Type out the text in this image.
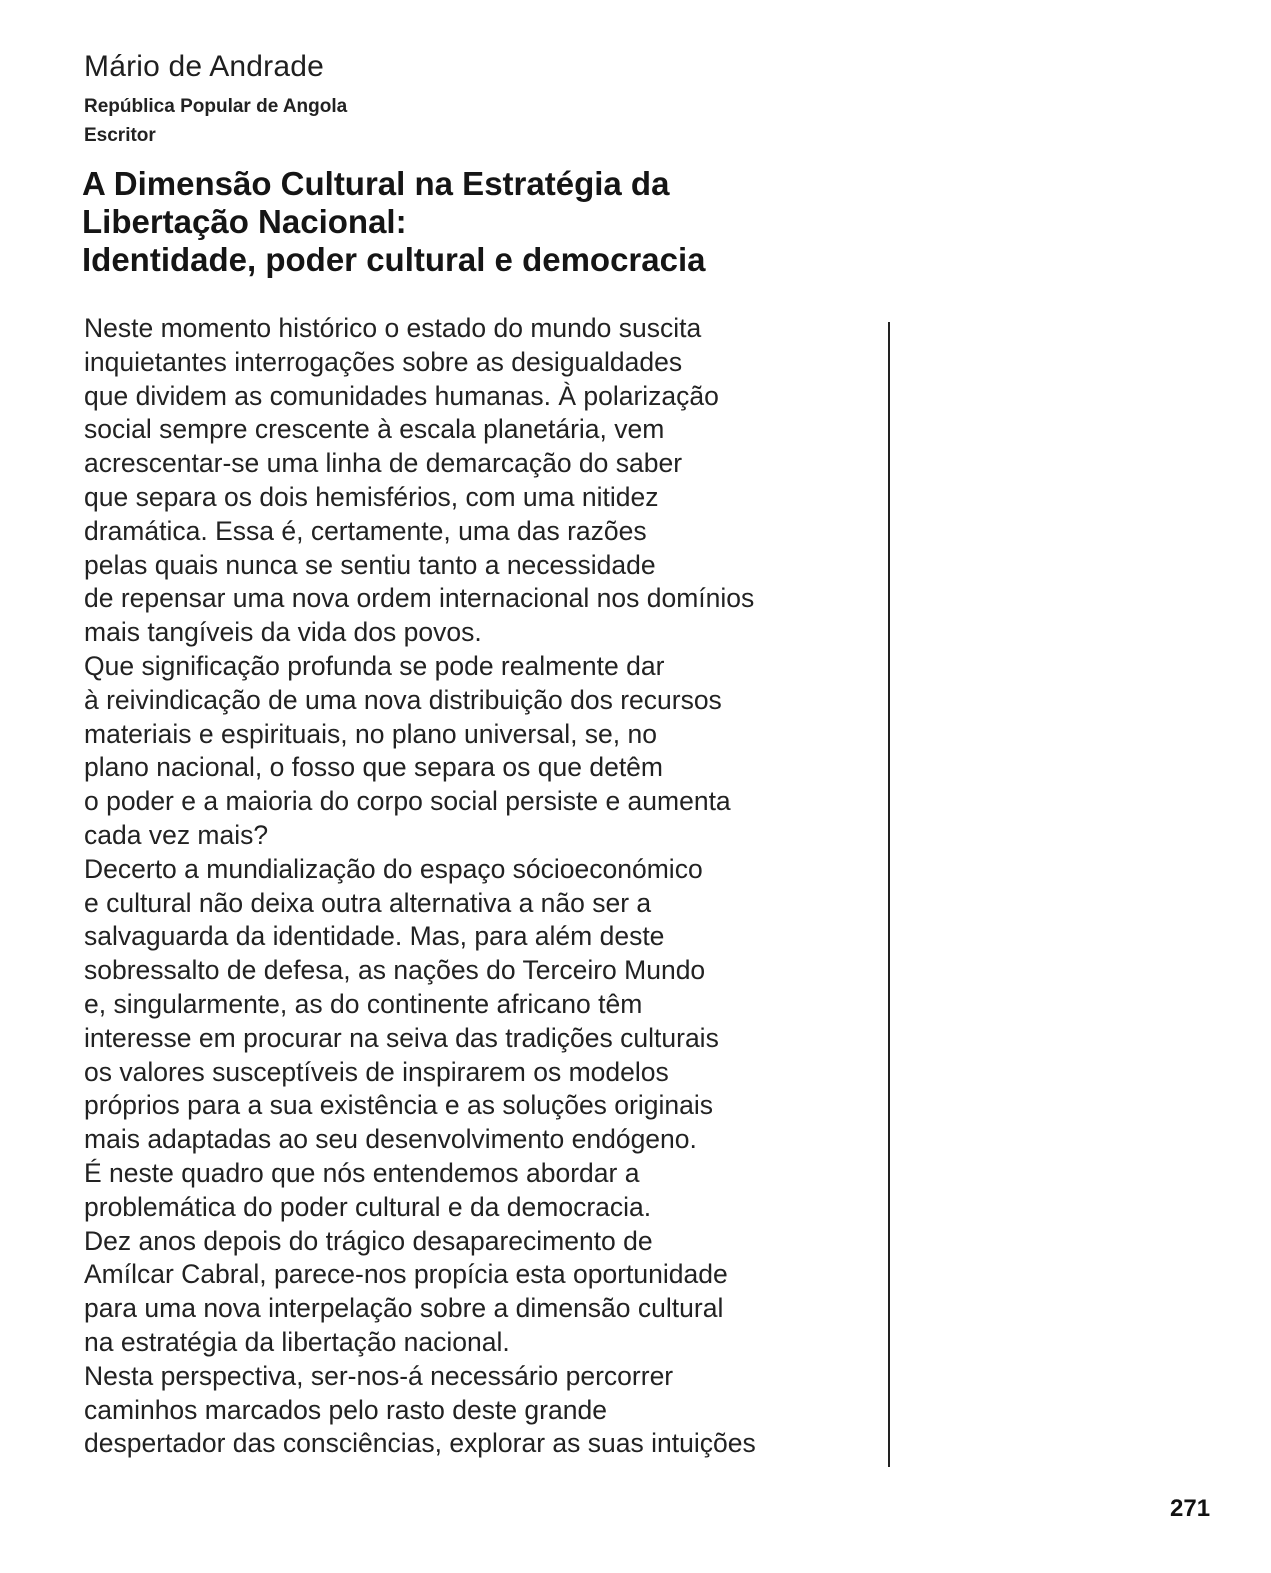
Mário de Andrade
República Popular de Angola
Escritor
A Dimensão Cultural na Estratégia da
Libertação Nacional:
Identidade, poder cultural e democracia
Neste momento histórico o estado do mundo suscita
inquietantes interrogações sobre as desigualdades
que dividem as comunidades humanas. À polarização
social sempre crescente à escala planetária, vem
acrescentar-se uma linha de demarcação do saber
que separa os dois hemisférios, com uma nitidez
dramática. Essa é, certamente, uma das razões
pelas quais nunca se sentiu tanto a necessidade
de repensar uma nova ordem internacional nos domínios
mais tangíveis da vida dos povos.
Que significação profunda se pode realmente dar
à reivindicação de uma nova distribuição dos recursos
materiais e espirituais, no plano universal, se, no
plano nacional, o fosso que separa os que detêm
o poder e a maioria do corpo social persiste e aumenta
cada vez mais?
Decerto a mundialização do espaço sócioeconómico
e cultural não deixa outra alternativa a não ser a
salvaguarda da identidade. Mas, para além deste
sobressalto de defesa, as nações do Terceiro Mundo
e, singularmente, as do continente africano têm
interesse em procurar na seiva das tradições culturais
os valores susceptíveis de inspirarem os modelos
próprios para a sua existência e as soluções originais
mais adaptadas ao seu desenvolvimento endógeno.
É neste quadro que nós entendemos abordar a
problemática do poder cultural e da democracia.
Dez anos depois do trágico desaparecimento de
Amílcar Cabral, parece-nos propícia esta oportunidade
para uma nova interpelação sobre a dimensão cultural
na estratégia da libertação nacional.
Nesta perspectiva, ser-nos-á necessário percorrer
caminhos marcados pelo rasto deste grande
despertador das consciências, explorar as suas intuições
271
